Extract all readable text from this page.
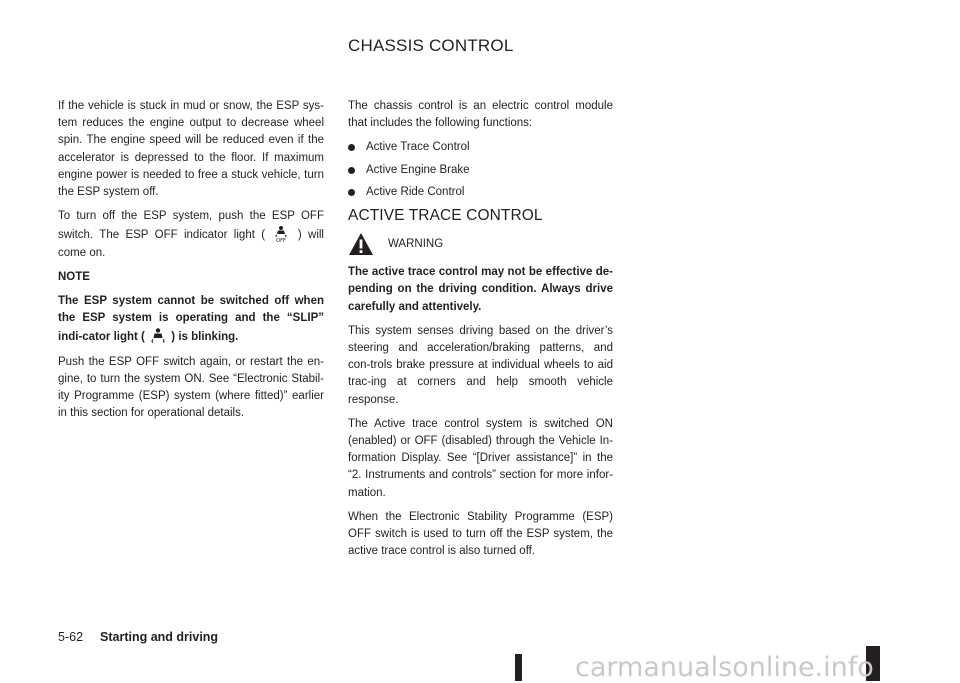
CHASSIS CONTROL

If the vehicle is stuck in mud or snow, the ESP sys-tem reduces the engine output to decrease wheel spin. The engine speed will be reduced even if the accelerator is depressed to the floor. If maximum engine power is needed to free a stuck vehicle, turn the ESP system off.

To turn off the ESP system, push the ESP OFF switch. The ESP OFF indicator light ( OFF ) will come on.

NOTE

The ESP system cannot be switched off when the ESP system is operating and the “SLIP” indi-cator light ( ) is blinking.

Push the ESP OFF switch again, or restart the en-gine, to turn the system ON. See “Electronic Stabil-ity Programme (ESP) system (where fitted)” earlier in this section for operational details.

The chassis control is an electric control module that includes the following functions:

Active Trace Control
Active Engine Brake
Active Ride Control
ACTIVE TRACE CONTROL
WARNING

The active trace control may not be effective de-pending on the driving condition. Always drive carefully and attentively.

This system senses driving based on the driver’s steering and acceleration/braking patterns, and con-trols brake pressure at individual wheels to aid trac-ing at corners and help smooth vehicle response.

The Active trace control system is switched ON (enabled) or OFF (disabled) through the Vehicle In-formation Display. See “[Driver assistance]” in the “2. Instruments and controls” section for more infor-mation.

When the Electronic Stability Programme (ESP) OFF switch is used to turn off the ESP system, the active trace control is also turned off.

5-62 Starting and driving
carmanualsonline.info
